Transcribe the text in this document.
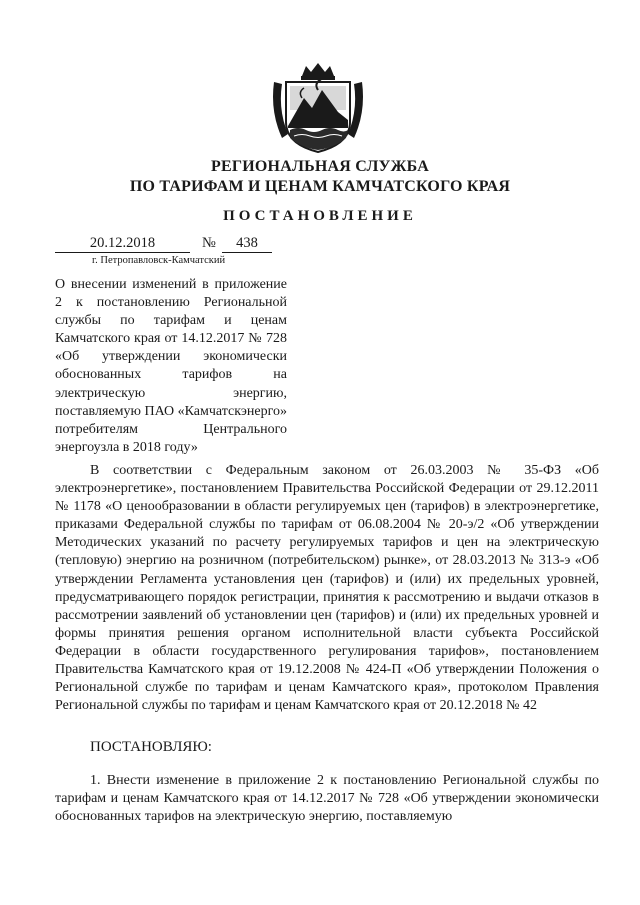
РЕГИОНАЛЬНАЯ СЛУЖБА
ПО ТАРИФАМ И ЦЕНАМ КАМЧАТСКОГО КРАЯ
ПОСТАНОВЛЕНИЕ
20.12.2018	№	438
г. Петропавловск-Камчатский
О внесении изменений в приложение 2 к постановлению Региональной службы по тарифам и ценам Камчатского края от 14.12.2017 № 728 «Об утверждении экономически обоснованных тарифов на электрическую энергию, поставляемую ПАО «Камчатскэнерго» потребителям Центрального энергоузла в 2018 году»

В соответствии с Федеральным законом от 26.03.2003 № 35-ФЗ «Об электроэнергетике», постановлением Правительства Российской Федерации от 29.12.2011 № 1178 «О ценообразовании в области регулируемых цен (тарифов) в электроэнергетике, приказами Федеральной службы по тарифам от 06.08.2004 № 20-э/2 «Об утверждении Методических указаний по расчету регулируемых тарифов и цен на электрическую (тепловую) энергию на розничном (потребительском) рынке», от 28.03.2013 № 313-э «Об утверждении Регламента установления цен (тарифов) и (или) их предельных уровней, предусматривающего порядок регистрации, принятия к рассмотрению и выдачи отказов в рассмотрении заявлений об установлении цен (тарифов) и (или) их предельных уровней и формы принятия решения органом исполнительной власти субъекта Российской Федерации в области государственного регулирования тарифов», постановлением Правительства Камчатского края от 19.12.2008 № 424-П «Об утверждении Положения о Региональной службе по тарифам и ценам Камчатского края», протоколом Правления Региональной службы по тарифам и ценам Камчатского края от 20.12.2018 № 42

ПОСТАНОВЛЯЮ:

1. Внести изменение в приложение 2 к постановлению Региональной службы по тарифам и ценам Камчатского края от 14.12.2017 № 728 «Об утверждении экономически обоснованных тарифов на электрическую энергию, поставляемую
